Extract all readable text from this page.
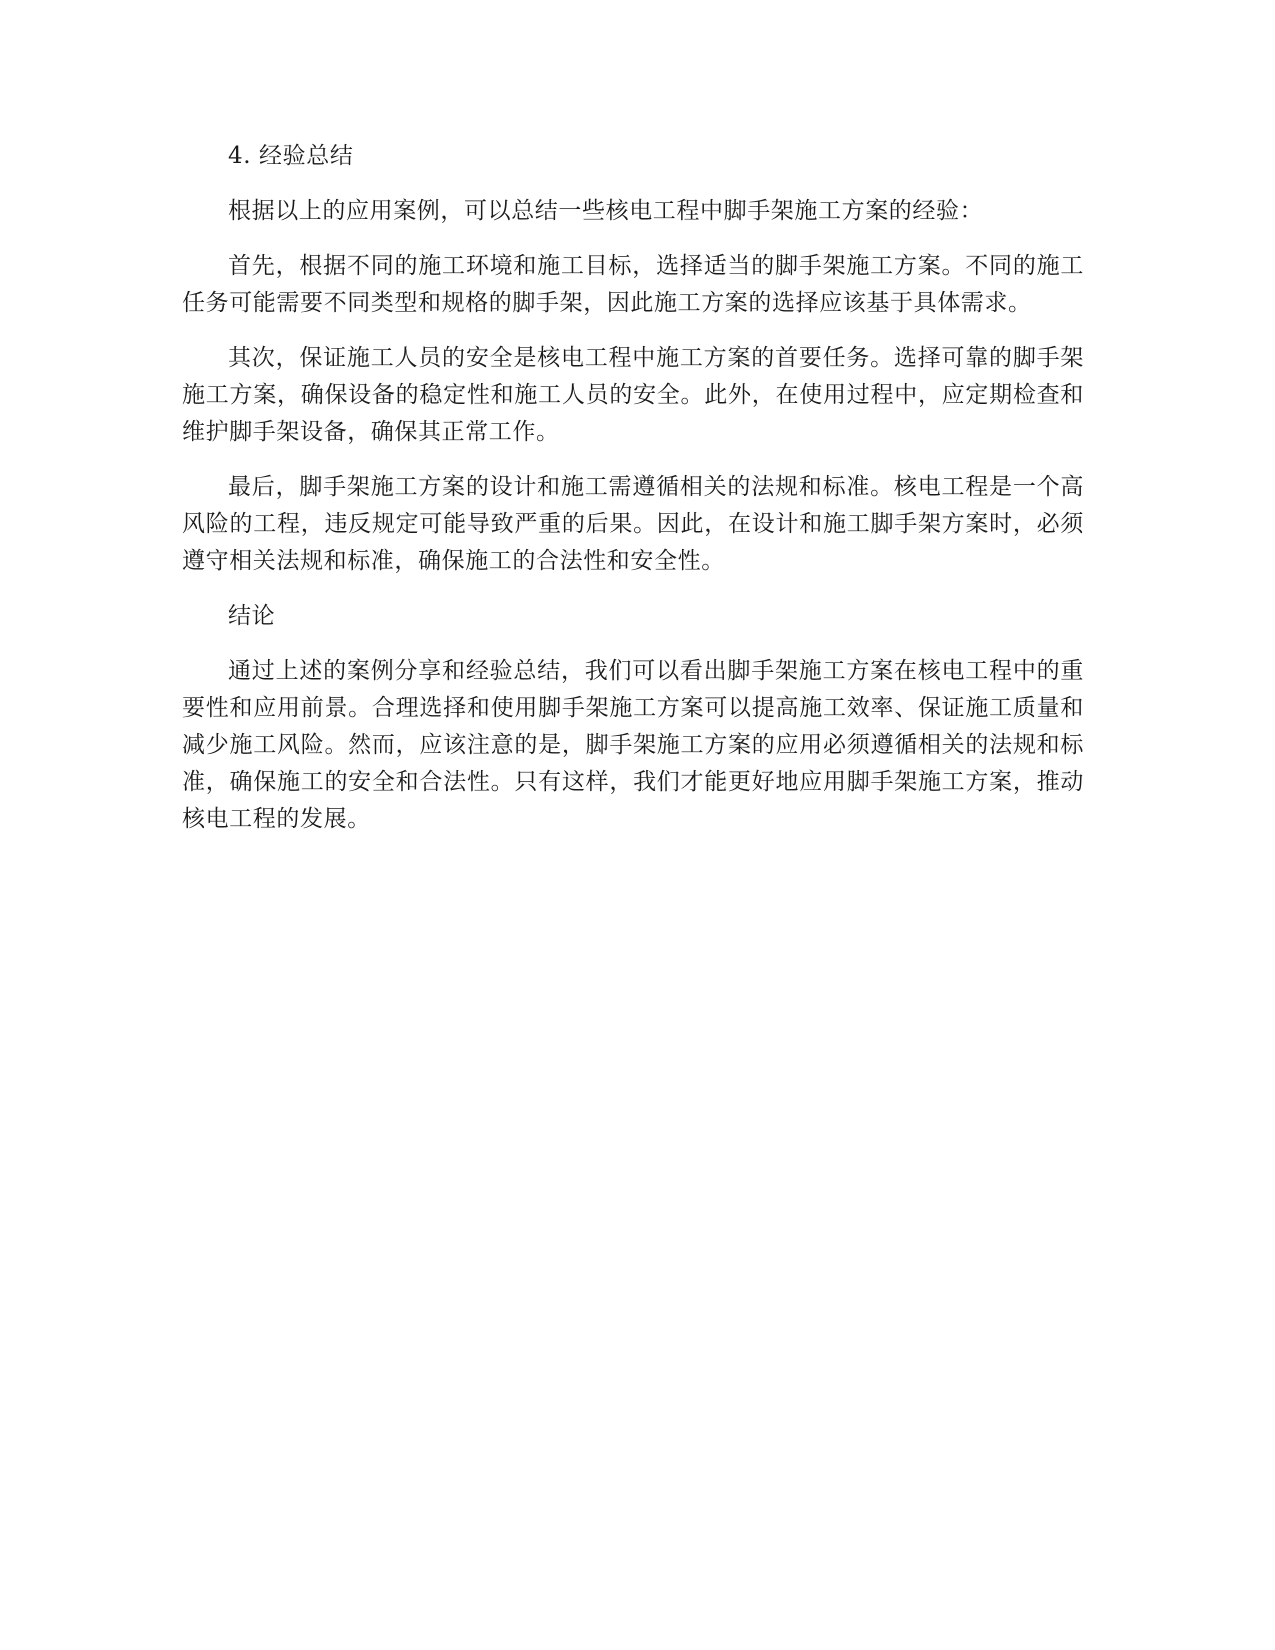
4. 经验总结

根据以上的应用案例，可以总结一些核电工程中脚手架施工方案的经验：

首先，根据不同的施工环境和施工目标，选择适当的脚手架施工方案。不同的施工任务可能需要不同类型和规格的脚手架，因此施工方案的选择应该基于具体需求。

其次，保证施工人员的安全是核电工程中施工方案的首要任务。选择可靠的脚手架施工方案，确保设备的稳定性和施工人员的安全。此外，在使用过程中，应定期检查和维护脚手架设备，确保其正常工作。

最后，脚手架施工方案的设计和施工需遵循相关的法规和标准。核电工程是一个高风险的工程，违反规定可能导致严重的后果。因此，在设计和施工脚手架方案时，必须遵守相关法规和标准，确保施工的合法性和安全性。

结论

通过上述的案例分享和经验总结，我们可以看出脚手架施工方案在核电工程中的重要性和应用前景。合理选择和使用脚手架施工方案可以提高施工效率、保证施工质量和减少施工风险。然而，应该注意的是，脚手架施工方案的应用必须遵循相关的法规和标准，确保施工的安全和合法性。只有这样，我们才能更好地应用脚手架施工方案，推动核电工程的发展。
